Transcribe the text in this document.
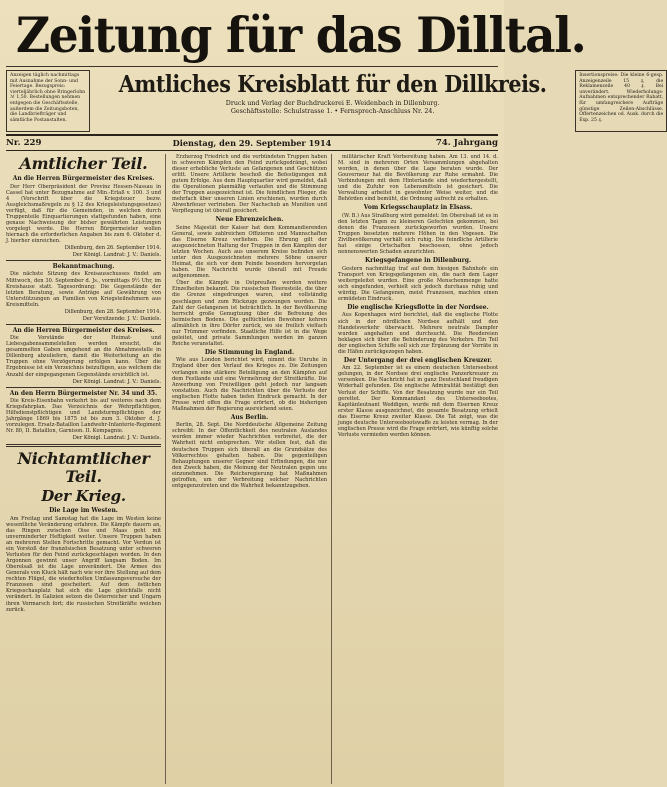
Zeitung für das Dilltal.
Anzeigen täglich nachmittags mit Ausnahme der Sonn- und Feiertage. Bezugspreis: vierteljährlich ohne Bringerlohn ℳ 1,50. Bestellungen nehmen entgegen die Geschäftsstelle, außerdem die Zeitungsboten, die Landbriefträger und sämtliche Postanstalten.
Amtliches Kreisblatt für den Dillkreis.
Druck und Verlag der Buchdruckerei E. Weidenbach in Dillenburg.
Geschäftsstelle: Schulstrasse 1. • Fernsprech-Anschluss Nr. 24.
Insertionspreise: Die kleine 6-gesp. Anzeigenzeile 15 ₰, die Reklamenzeile 40 ₰. Bei unverändert. Wiederholungs-Aufnahmen entsprechender Rabatt, für umfangreichere Aufträge günstige Zeilen-Abschlüsse. Offertenzeichen od. Ausk. durch die Exp. 25 ₰.
Nr. 229	Dienstag, den 29. September 1914	74. Jahrgang
Amtlicher Teil.
An die Herren Bürgermeister des Kreises.

Der Herr Oberpräsident der Provinz Hessen-Nassau in Cassel hat unter Bezugnahme auf Min.-Erlaß v. 100. 3 und 4 (Vorschrift über die Kriegsteuer bezw. Ausgleichsmaßregeln zu § 12 des Kriegsleistungsgesetzes) verfügt, daß für die Gemeinden, in welchen durch Truppenteile Einquartierungen stattgefunden haben, eine genaue Nachweisung der bisher gewährten Leistungen vorgelegt werde. Die Herren Bürgermeister wollen hiernach die erforderlichen Angaben bis zum 6. Oktober d. J. hierher einreichen.

Dillenburg, den 26. September 1914.
Der Königl. Landrat: J. V.: Daniels.
Bekanntmachung.

Die nächste Sitzung des Kreisausschusses findet am Mittwoch, den 30. September d. Js., vormittags 9½ Uhr, im Kreishause statt. Tagesordnung: Die Gegenstände der letzten Beratung, sowie Anträge auf Gewährung von Unterstützungen an Familien von Kriegsteilnehmern aus Kreismitteln.

Dillenburg, den 28. September 1914.
Der Vorsitzende: J. V.: Daniels.
An die Herren Bürgermeister des Kreises.

Die Vorstände der Heimat- und Liebesgabensammelstellen werden ersucht, die gesammelten Gaben umgehend an die Abnahmestelle in Dillenburg abzuliefern, damit die Weiterleitung an die Truppen ohne Verzögerung erfolgen kann. Über die Ergebnisse ist ein Verzeichnis beizufügen, aus welchem die Anzahl der eingegangenen Gegenstände ersichtlich ist.

Der Königl. Landrat: J. V.: Daniels.
An den Herrn Bürgermeister Nr. 34 und 35.

Die Kreis-Eisenbahn verkehrt bis auf weiteres nach dem Kriegsfahrplan. Das Verzeichnis der Wehrpflichtigen, Hilfsdienstpflichtigen und Landsturmpflichtigen der Jahrgänge 1869 bis 1875 ist bis zum 3. Oktober d. J. vorzulegen. Ersatz-Bataillon Landwehr-Infanterie-Regiment Nr. 80, II. Bataillon, Garnison. II. Kompagnie.

Der Königl. Landrat: J. V.: Daniels.
Nichtamtlicher Teil.
Der Krieg.
Die Lage im Westen.

Am Freitag und Samstag hat die Lage im Westen keine wesentliche Veränderung erfahren. Die Kämpfe dauern an, das Ringen zwischen Oise und Maas geht mit unverminderter Heftigkeit weiter. Unsere Truppen haben an mehreren Stellen Fortschritte gemacht. Vor Verdun ist ein Vorstoß der französischen Besatzung unter schweren Verlusten für den Feind zurückgeschlagen worden. In den Argonnen gewinnt unser Angriff langsam Boden. Im Oberelsaß ist die Lage unverändert. Die Armee des Generals von Kluck hält nach wie vor ihre Stellung auf dem rechten Flügel, die wiederholten Umfassungsversuche der Franzosen sind gescheitert. Auf dem östlichen Kriegsschauplatz hat sich die Lage gleichfalls nicht verändert. In Galizien setzen die Österreicher und Ungarn ihren Vormarsch fort; die russischen Streitkräfte weichen zurück.

Erzherzog Friedrich und die verbündeten Truppen haben in schweren Kämpfen den Feind zurückgedrängt, wobei dieser erhebliche Verluste an Gefangenen und Geschützen erlitt. Unsere Artillerie beschoß die Befestigungen mit gutem Erfolge. Aus dem Hauptquartier wird gemeldet, daß die Operationen planmäßig verlaufen und die Stimmung der Truppen ausgezeichnet ist. Die feindlichen Flieger, die mehrfach über unseren Linien erschienen, wurden durch Abwehrfeuer vertrieben. Der Nachschub an Munition und Verpflegung ist überall gesichert.

Neue Ehrenzeichen.

Seine Majestät der Kaiser hat dem Kommandierenden General, sowie zahlreichen Offizieren und Mannschaften das Eiserne Kreuz verliehen. Die Ehrung gilt der ausgezeichneten Haltung der Truppen in den Kämpfen der letzten Wochen. Auch aus unserem Kreise befinden sich unter den Ausgezeichneten mehrere Söhne unserer Heimat, die sich vor dem Feinde besonders hervorgetan haben. Die Nachricht wurde überall mit Freude aufgenommen.

Über die Kämpfe in Ostpreußen werden weitere Einzelheiten bekannt. Die russischen Heeresteile, die über die Grenze eingedrungen waren, sind vollständig geschlagen und zum Rückzuge gezwungen worden. Die Zahl der Gefangenen ist beträchtlich. In der Bevölkerung herrscht große Genugtuung über die Befreiung des heimischen Bodens. Die geflüchteten Bewohner kehren allmählich in ihre Dörfer zurück, wo sie freilich vielfach nur Trümmer vorfinden. Staatliche Hilfe ist in die Wege geleitet, und private Sammlungen werden im ganzen Reiche veranstaltet.

Die Stimmung in England.

Wie aus London berichtet wird, nimmt die Unruhe in England über den Verlauf des Krieges zu. Die Zeitungen verlangen eine stärkere Beteiligung an den Kämpfen auf dem Festlande und eine Vermehrung der Streitkräfte. Die Anwerbung von Freiwilligen geht jedoch nur langsam vonstatten. Auch die Nachrichten über die Verluste der englischen Flotte haben tiefen Eindruck gemacht. In der Presse wird offen die Frage erörtert, ob die bisherigen Maßnahmen der Regierung ausreichend seien.

Aus Berlin.

Berlin, 28. Sept. Die Norddeutsche Allgemeine Zeitung schreibt: In der Öffentlichkeit des neutralen Auslandes werden immer wieder Nachrichten verbreitet, die der Wahrheit nicht entsprechen. Wir stellen fest, daß die deutschen Truppen sich überall an die Grundsätze des Völkerrechtes gehalten haben. Die gegenteiligen Behauptungen unserer Gegner sind Erfindungen, die nur den Zweck haben, die Meinung der Neutralen gegen uns einzunehmen. Die Reichsregierung hat Maßnahmen getroffen, um der Verbreitung solcher Nachrichten entgegenzutreten und die Wahrheit bekanntzugeben.

militärischer Kraft Vorbereitung haben. Am 13. und 14. d. M. sind in mehreren Orten Versammlungen abgehalten worden, in denen über die Lage beraten wurde. Der Gouverneur hat die Bevölkerung zur Ruhe ermahnt. Die Verbindungen mit dem Hinterlande sind wiederhergestellt, und die Zufuhr von Lebensmitteln ist gesichert. Die Verwaltung arbeitet in gewohnter Weise weiter, und die Behörden sind bemüht, die Ordnung aufrecht zu erhalten.

Vom Kriegsschauplatz in Elsass.

(W. B.) Aus Straßburg wird gemeldet: Im Oberelsaß ist es in den letzten Tagen zu kleineren Gefechten gekommen, bei denen die Franzosen zurückgeworfen wurden. Unsere Truppen besetzten mehrere Höhen in den Vogesen. Die Zivilbevölkerung verhält sich ruhig. Die feindliche Artillerie hat einige Ortschaften beschossen, ohne jedoch nennenswerten Schaden anzurichten.

Kriegsgefangene in Dillenburg.

Gestern nachmittag traf auf dem hiesigen Bahnhofe ein Transport von Kriegsgefangenen ein, die nach dem Lager weitergeleitet wurden. Eine große Menschenmenge hatte sich eingefunden, verhielt sich jedoch durchaus ruhig und würdig. Die Gefangenen, meist Franzosen, machten einen ermüdeten Eindruck.

Die englische Kriegsflotte in der Nordsee.

Aus Kopenhagen wird berichtet, daß die englische Flotte sich in der nördlichen Nordsee aufhält und den Handelsverkehr überwacht. Mehrere neutrale Dampfer wurden angehalten und durchsucht. Die Reedereien beklagen sich über die Behinderung des Verkehrs. Ein Teil der englischen Schiffe soll sich zur Ergänzung der Vorräte in die Häfen zurückgezogen haben.

Der Untergang der drei englischen Kreuzer.

Am 22. September ist es einem deutschen Unterseeboot gelungen, in der Nordsee drei englische Panzerkreuzer zu versenken. Die Nachricht hat in ganz Deutschland freudigen Widerhall gefunden. Die englische Admiralität bestätigt den Verlust der Schiffe. Von der Besatzung wurde nur ein Teil gerettet. Der Kommandant des Unterseebootes, Kapitänleutnant Weddigen, wurde mit dem Eisernen Kreuz erster Klasse ausgezeichnet, die gesamte Besatzung erhielt das Eiserne Kreuz zweiter Klasse. Die Tat zeigt, was die junge deutsche Unterseebootswaffe zu leisten vermag. In der englischen Presse wird die Frage erörtert, wie künftig solche Verluste vermieden werden können.
